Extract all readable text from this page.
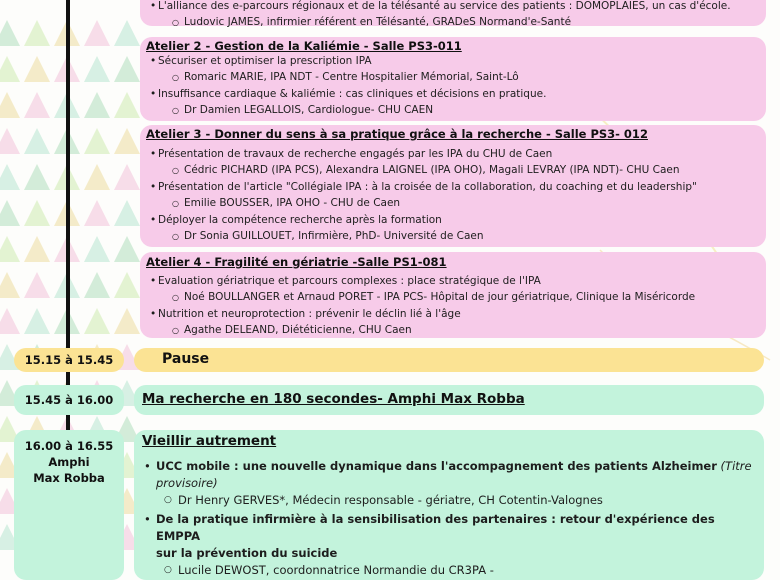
• L'alliance des e-parcours régionaux et de la télésanté au service des patients : DOMOPLAIES, un cas d'école.
○ Ludovic JAMES, infirmier référent en Télésanté, GRADeS Normand'e-Santé
Atelier 2 - Gestion de la Kaliémie - Salle PS3-011
• Sécuriser et optimiser la prescription IPA
○ Romaric MARIE, IPA NDT - Centre Hospitalier Mémorial, Saint-Lô
• Insuffisance cardiaque & kaliémie : cas cliniques et décisions en pratique.
○ Dr Damien LEGALLOIS, Cardiologue- CHU CAEN
Atelier 3 - Donner du sens à sa pratique grâce à la recherche - Salle PS3- 012
• Présentation de travaux de recherche engagés par les IPA du CHU de Caen
○ Cédric PICHARD (IPA PCS), Alexandra LAIGNEL (IPA OHO), Magali LEVRAY (IPA NDT)- CHU Caen
• Présentation de l'article "Collégiale IPA : à la croisée de la collaboration, du coaching et du leadership"
○ Emilie BOUSSER, IPA OHO - CHU de Caen
• Déployer la compétence recherche après la formation
○ Dr Sonia GUILLOUET, Infirmière, PhD- Université de Caen
Atelier 4 - Fragilité en gériatrie -Salle PS1-081
• Evaluation gériatrique et parcours complexes : place stratégique de l'IPA
○ Noé BOULLANGER et Arnaud PORET - IPA PCS- Hôpital de jour gériatrique, Clinique la Miséricorde
• Nutrition et neuroprotection : prévenir le déclin lié à l'âge
○ Agathe DELEAND, Diététicienne, CHU Caen
15.15 à 15.45	Pause
15.45 à 16.00	Ma recherche en 180 secondes- Amphi Max Robba
16.00 à 16.55
Amphi
Max Robba
Vieillir autrement
• UCC mobile : une nouvelle dynamique dans l'accompagnement des patients Alzheimer (Titre
provisoire)
○ Dr Henry GERVES*, Médecin responsable - gériatre, CH Cotentin-Valognes
• De la pratique infirmière à la sensibilisation des partenaires : retour d'expérience des EMPPA
sur la prévention du suicide
○ Lucile DEWOST, coordonnatrice Normandie du CR3PA -
